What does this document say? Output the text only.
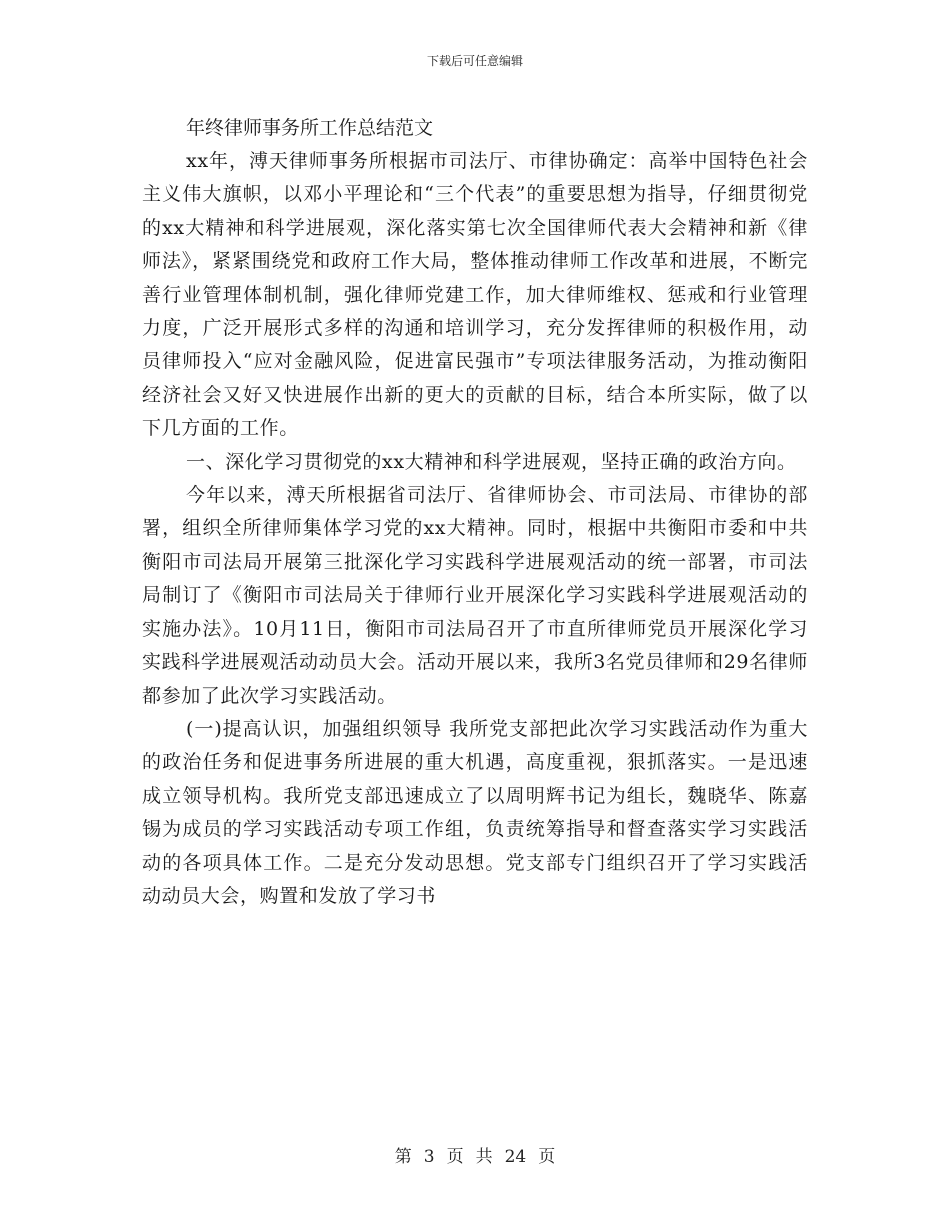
下载后可任意编辑
年终律师事务所工作总结范文

xx年，溥天律师事务所根据市司法厅、市律协确定：高举中国特色社会主义伟大旗帜，以邓小平理论和“三个代表”的重要思想为指导，仔细贯彻党的xx大精神和科学进展观，深化落实第七次全国律师代表大会精神和新《律师法》，紧紧围绕党和政府工作大局，整体推动律师工作改革和进展，不断完善行业管理体制机制，强化律师党建工作，加大律师维权、惩戒和行业管理力度，广泛开展形式多样的沟通和培训学习，充分发挥律师的积极作用，动员律师投入“应对金融风险，促进富民强市”专项法律服务活动，为推动衡阳经济社会又好又快进展作出新的更大的贡献的目标，结合本所实际，做了以下几方面的工作。

一、深化学习贯彻党的xx大精神和科学进展观，坚持正确的政治方向。

今年以来，溥天所根据省司法厅、省律师协会、市司法局、市律协的部署，组织全所律师集体学习党的xx大精神。同时，根据中共衡阳市委和中共衡阳市司法局开展第三批深化学习实践科学进展观活动的统一部署，市司法局制订了《衡阳市司法局关于律师行业开展深化学习实践科学进展观活动的实施办法》。10月11日，衡阳市司法局召开了市直所律师党员开展深化学习实践科学进展观活动动员大会。活动开展以来，我所3名党员律师和29名律师都参加了此次学习实践活动。

(一)提高认识，加强组织领导 我所党支部把此次学习实践活动作为重大的政治任务和促进事务所进展的重大机遇，高度重视，狠抓落实。一是迅速成立领导机构。我所党支部迅速成立了以周明辉书记为组长，魏晓华、陈嘉锡为成员的学习实践活动专项工作组，负责统筹指导和督查落实学习实践活动的各项具体工作。二是充分发动思想。党支部专门组织召开了学习实践活动动员大会，购置和发放了学习书

第 3 页 共 24 页
